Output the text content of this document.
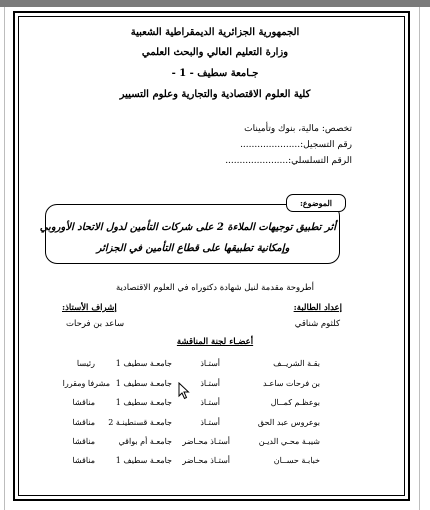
الجمهورية الجزائرية الديمقراطية الشعبية
وزارة التعليم العالي والبحث العلمي
جـامعة سطيف - 1 -
كلية العلوم الاقتصادية والتجارية وعلوم التسيير
تخصص: مالية، بنوك وتأمينات
رقم التسجيل:.....................
الرقم التسلسلي:......................
الموضوع:
أثر تطبيق توجيهات الملاءة 2 على شركات التأمين لدول الاتحاد الأوروبي
وإمكانية تطبيقها على قطاع التأمين في الجزائر
أطروحة مقدمة لنيل شهادة دكتوراه في العلوم الاقتصادية
إعداد الطالبة:
كلثوم شناقي
إشراف الأستاذ:
ساعد بن فرحات
أعضـاء لجنة المناقشة
بقـة الشريــف
أستـاذ
جامعـة سطيف 1
رئيسا
بن فرحات ساعـد
أستـاذ
جامعـة سطيف 1
مشرفا ومقررا
بوعظـم كمــال
أستـاذ
جامعـة سطيف 1
مناقشا
بوعروس عبد الحق
أستـاذ
جامعـة قسنطينـة 2
مناقشا
شيبـة محـي الديـن
أستـاذ محـاضر
جامعـة أم بواقي
مناقشا
خبابـة حســان
أستـاذ محـاضر
جامعـة سطيف 1
مناقشا
